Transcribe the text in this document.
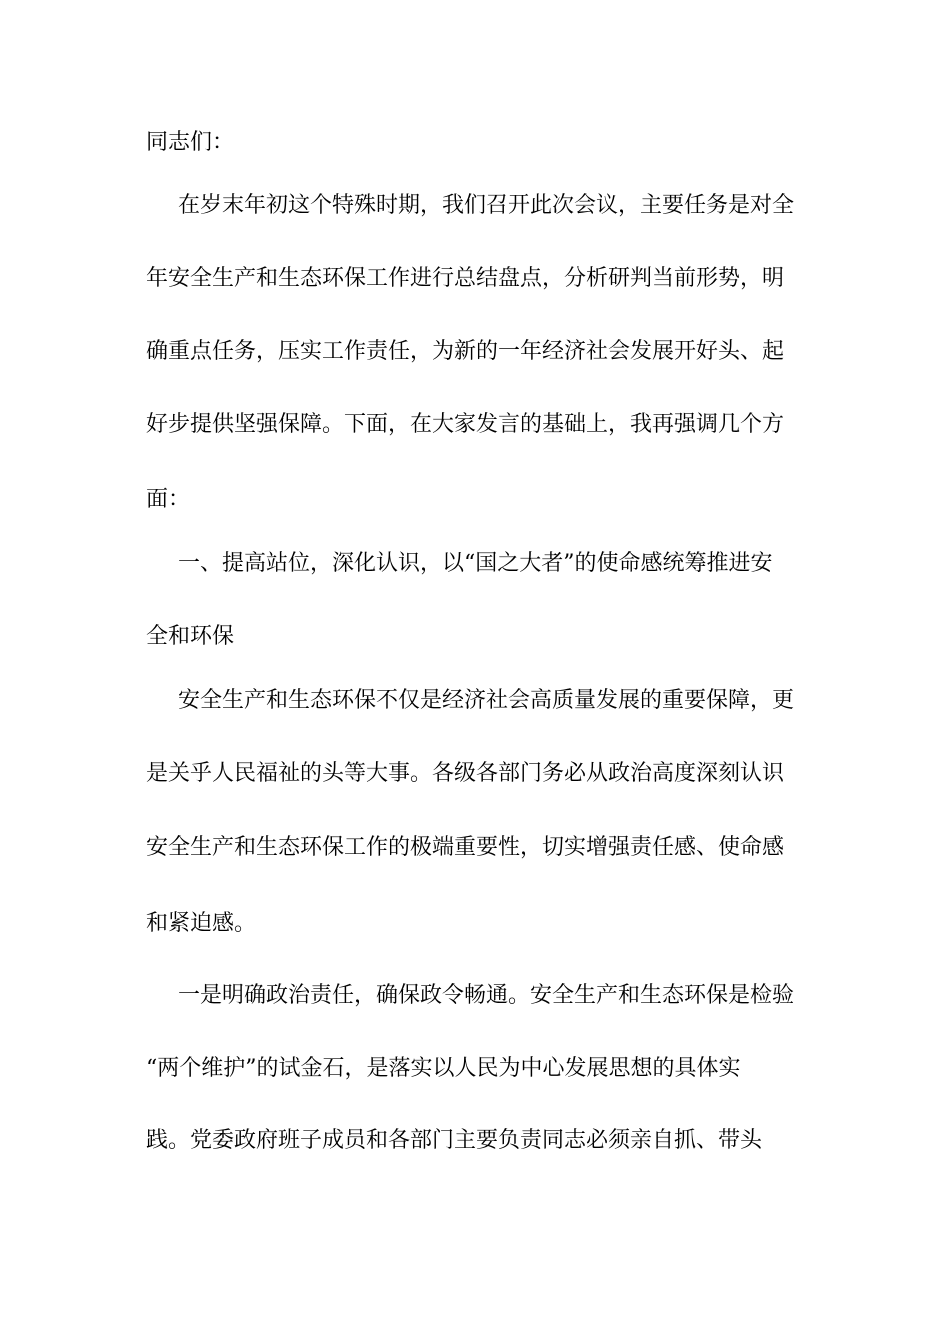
同志们：
在岁末年初这个特殊时期，我们召开此次会议，主要任务是对全
年安全生产和生态环保工作进行总结盘点，分析研判当前形势，明
确重点任务，压实工作责任，为新的一年经济社会发展开好头、起
好步提供坚强保障。下面，在大家发言的基础上，我再强调几个方
面：
一、提高站位，深化认识，以“国之大者”的使命感统筹推进安
全和环保
安全生产和生态环保不仅是经济社会高质量发展的重要保障，更
是关乎人民福祉的头等大事。各级各部门务必从政治高度深刻认识
安全生产和生态环保工作的极端重要性，切实增强责任感、使命感
和紧迫感。
一是明确政治责任，确保政令畅通。安全生产和生态环保是检验
“两个维护”的试金石，是落实以人民为中心发展思想的具体实
践。党委政府班子成员和各部门主要负责同志必须亲自抓、带头
